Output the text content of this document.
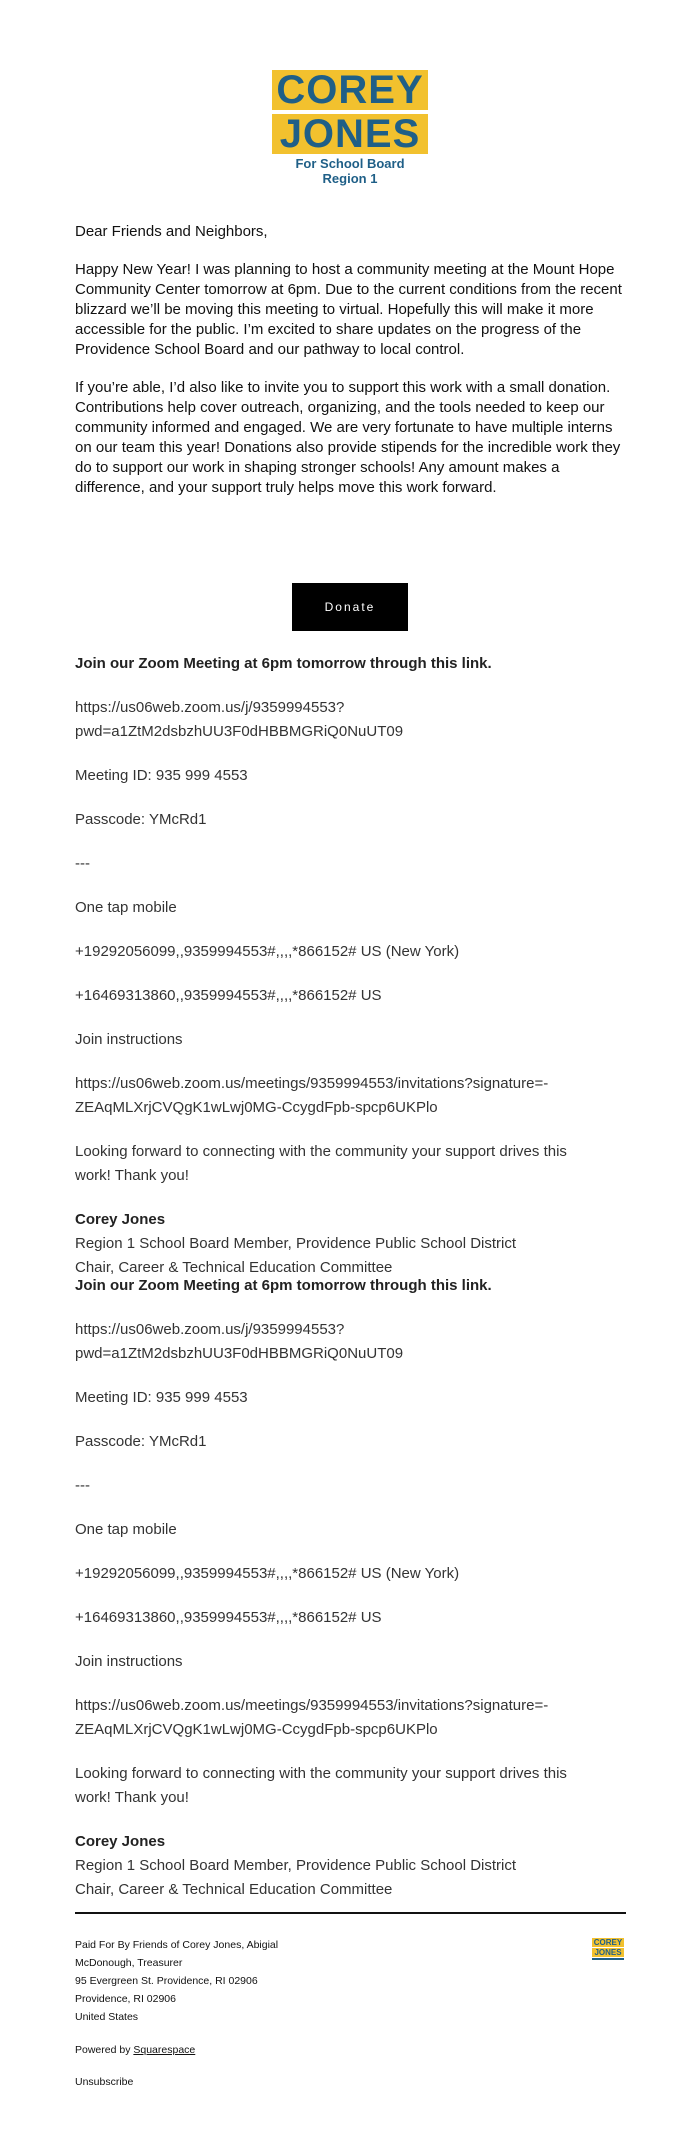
COREY
JONES
For School Board Region 1
Dear Friends and Neighbors,
Happy New Year! I was planning to host a community meeting at the Mount Hope Community Center tomorrow at 6pm. Due to the current conditions from the recent blizzard we’ll be moving this meeting to virtual. Hopefully this will make it more accessible for the public. I’m excited to share updates on the progress of the Providence School Board and our pathway to local control.
If you’re able, I’d also like to invite you to support this work with a small donation. Contributions help cover outreach, organizing, and the tools needed to keep our community informed and engaged. We are very fortunate to have multiple interns on our team this year! Donations also provide stipends for the incredible work they do to support our work in shaping stronger schools! Any amount makes a difference, and your support truly helps move this work forward.
Donate
Join our Zoom Meeting at 6pm tomorrow through this link.
https://us06web.zoom.us/j/9359994553?
pwd=a1ZtM2dsbzhUU3F0dHBBMGRiQ0NuUT09
Meeting ID: 935 999 4553
Passcode: YMcRd1
---
One tap mobile
+19292056099,,9359994553#,,,,*866152# US (New York)
+16469313860,,9359994553#,,,,*866152# US
Join instructions
https://us06web.zoom.us/meetings/9359994553/invitations?signature=-
ZEAqMLXrjCVQgK1wLwj0MG-CcygdFpb-spcp6UKPlo
Looking forward to connecting with the community your support drives this
work! Thank you!
Corey Jones
Region 1 School Board Member, Providence Public School District
Chair, Career & Technical Education Committee
Join our Zoom Meeting at 6pm tomorrow through this link.
https://us06web.zoom.us/j/9359994553?
pwd=a1ZtM2dsbzhUU3F0dHBBMGRiQ0NuUT09
Meeting ID: 935 999 4553
Passcode: YMcRd1
---
One tap mobile
+19292056099,,9359994553#,,,,*866152# US (New York)
+16469313860,,9359994553#,,,,*866152# US
Join instructions
https://us06web.zoom.us/meetings/9359994553/invitations?signature=-
ZEAqMLXrjCVQgK1wLwj0MG-CcygdFpb-spcp6UKPlo
Looking forward to connecting with the community your support drives this
work! Thank you!
Corey Jones
Region 1 School Board Member, Providence Public School District
Chair, Career & Technical Education Committee
Paid For By Friends of Corey Jones, Abigial McDonough, Treasurer
95 Evergreen St. Providence, RI 02906
Providence, RI 02906
United States
COREY
JONES
Powered by Squarespace
Unsubscribe
